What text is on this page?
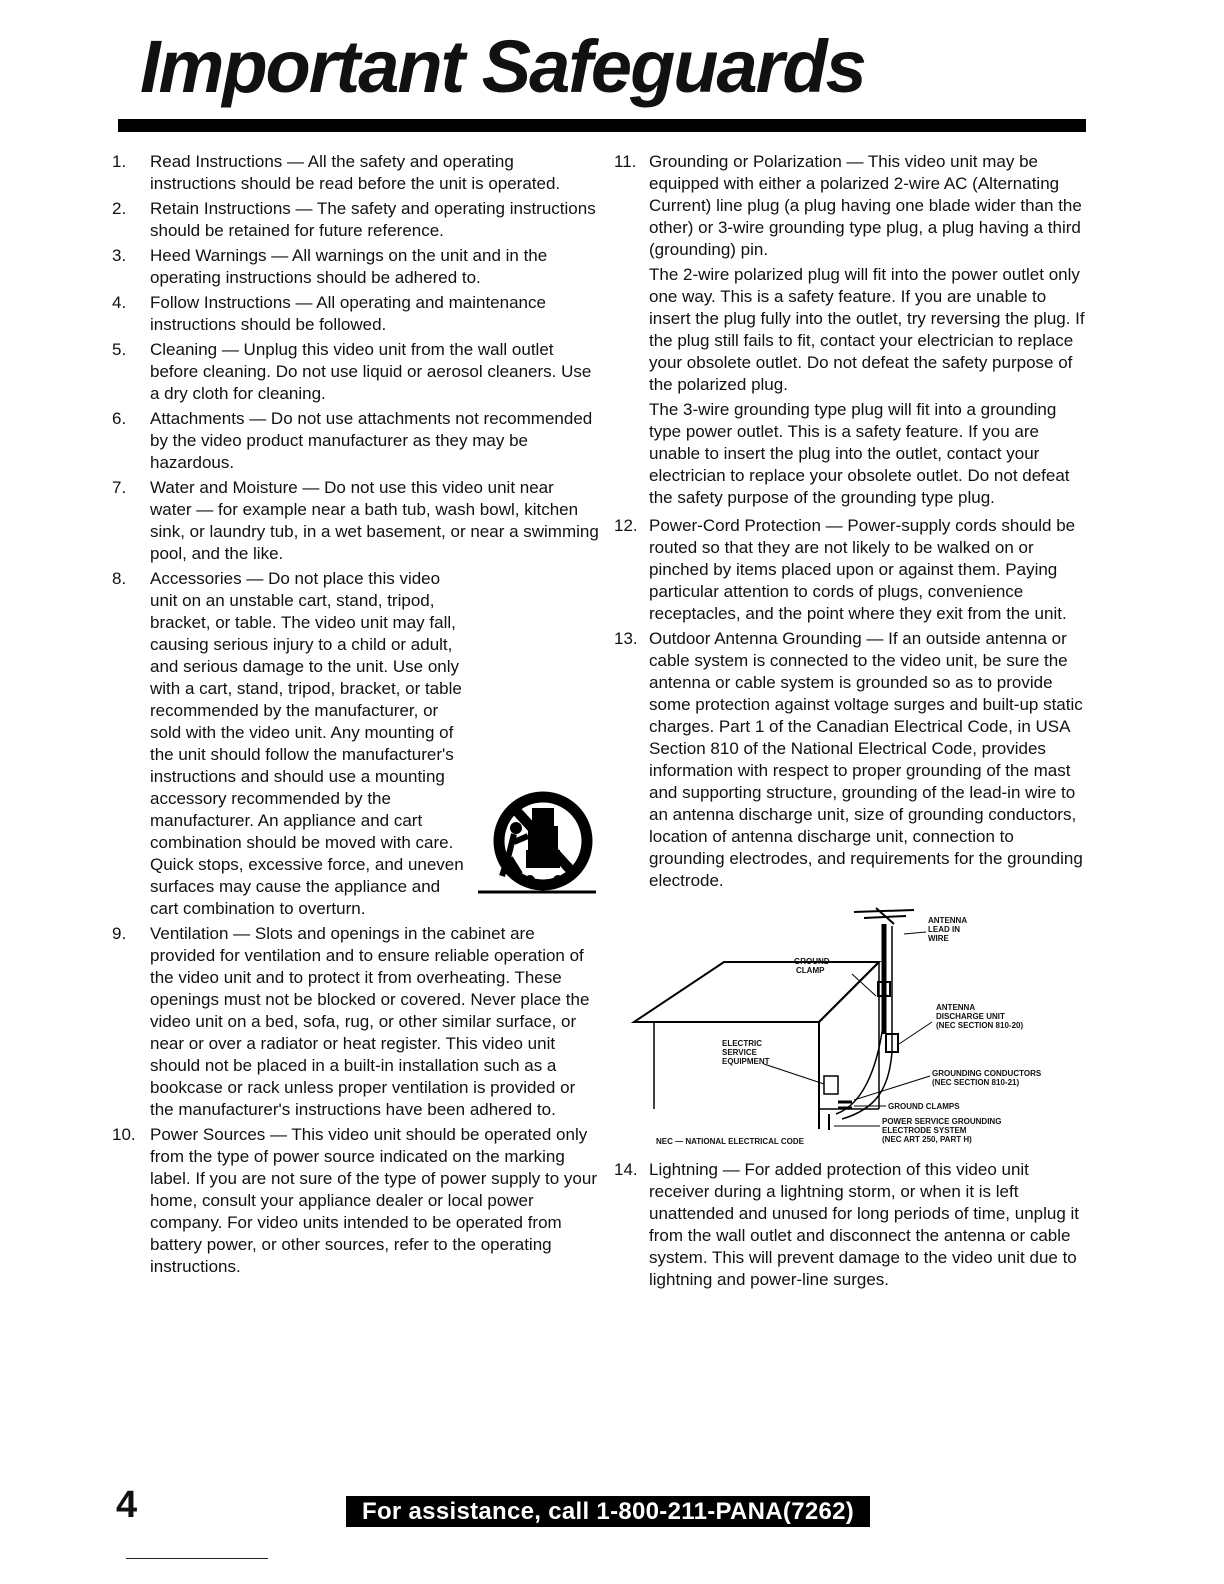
Important Safeguards
1.	Read Instructions — All the safety and operating instructions should be read before the unit is operated.
2.	Retain Instructions — The safety and operating instructions should be retained for future reference.
3.	Heed Warnings — All warnings on the unit and in the operating instructions should be adhered to.
4.	Follow Instructions — All operating and maintenance instructions should be followed.
5.	Cleaning — Unplug this video unit from the wall outlet before cleaning. Do not use liquid or aerosol cleaners. Use a dry cloth for cleaning.
6.	Attachments — Do not use attachments not recommended by the video product manufacturer as they may be hazardous.
7.	Water and Moisture — Do not use this video unit near water — for example near a bath tub, wash bowl, kitchen sink, or laundry tub, in a wet basement, or near a swimming pool, and the like.
8.	Accessories — Do not place this video unit on an unstable cart, stand, tripod, bracket, or table. The video unit may fall, causing serious injury to a child or adult, and serious damage to the unit. Use only with a cart, stand, tripod, bracket, or table recommended by the manufacturer, or sold with the video unit. Any mounting of the unit should follow the manufacturer's instructions and should use a mounting accessory recommended by the manufacturer. An appliance and cart combination should be moved with care. Quick stops, excessive force, and uneven surfaces may cause the appliance and cart combination to overturn.
9.	Ventilation — Slots and openings in the cabinet are provided for ventilation and to ensure reliable operation of the video unit and to protect it from overheating. These openings must not be blocked or covered. Never place the video unit on a bed, sofa, rug, or other similar surface, or near or over a radiator or heat register. This video unit should not be placed in a built-in installation such as a bookcase or rack unless proper ventilation is provided or the manufacturer's instructions have been adhered to.
10. Power Sources — This video unit should be operated only from the type of power source indicated on the marking label. If you are not sure of the type of power supply to your home, consult your appliance dealer or local power company. For video units intended to be operated from battery power, or other sources, refer to the operating instructions.
11. Grounding or Polarization — This video unit may be equipped with either a polarized 2-wire AC (Alternating Current) line plug (a plug having one blade wider than the other) or 3-wire grounding type plug, a plug having a third (grounding) pin.
The 2-wire polarized plug will fit into the power outlet only one way. This is a safety feature. If you are unable to insert the plug fully into the outlet, try reversing the plug. If the plug still fails to fit, contact your electrician to replace your obsolete outlet. Do not defeat the safety purpose of the polarized plug.
The 3-wire grounding type plug will fit into a grounding type power outlet. This is a safety feature. If you are unable to insert the plug into the outlet, contact your electrician to replace your obsolete outlet. Do not defeat the safety purpose of the grounding type plug.
12. Power-Cord Protection — Power-supply cords should be routed so that they are not likely to be walked on or pinched by items placed upon or against them. Paying particular attention to cords of plugs, convenience receptacles, and the point where they exit from the unit.
13. Outdoor Antenna Grounding — If an outside antenna or cable system is connected to the video unit, be sure the antenna or cable system is grounded so as to provide some protection against voltage surges and built-up static charges. Part 1 of the Canadian Electrical Code, in USA Section 810 of the National Electrical Code, provides information with respect to proper grounding of the mast and supporting structure, grounding of the lead-in wire to an antenna discharge unit, size of grounding conductors, location of antenna discharge unit, connection to grounding electrodes, and requirements for the grounding electrode.
ANTENNA
LEAD IN
WIRE
GROUND
CLAMP
ANTENNA
DISCHARGE UNIT
(NEC SECTION 810-20)
ELECTRIC
SERVICE
EQUIPMENT
GROUNDING CONDUCTORS
(NEC SECTION 810-21)
GROUND CLAMPS
POWER SERVICE GROUNDING
ELECTRODE SYSTEM
(NEC ART 250, PART H)
NEC — NATIONAL ELECTRICAL CODE
14. Lightning — For added protection of this video unit receiver during a lightning storm, or when it is left unattended and unused for long periods of time, unplug it from the wall outlet and disconnect the antenna or cable system. This will prevent damage to the video unit due to lightning and power-line surges.

4	For assistance, call 1-800-211-PANA(7262)
